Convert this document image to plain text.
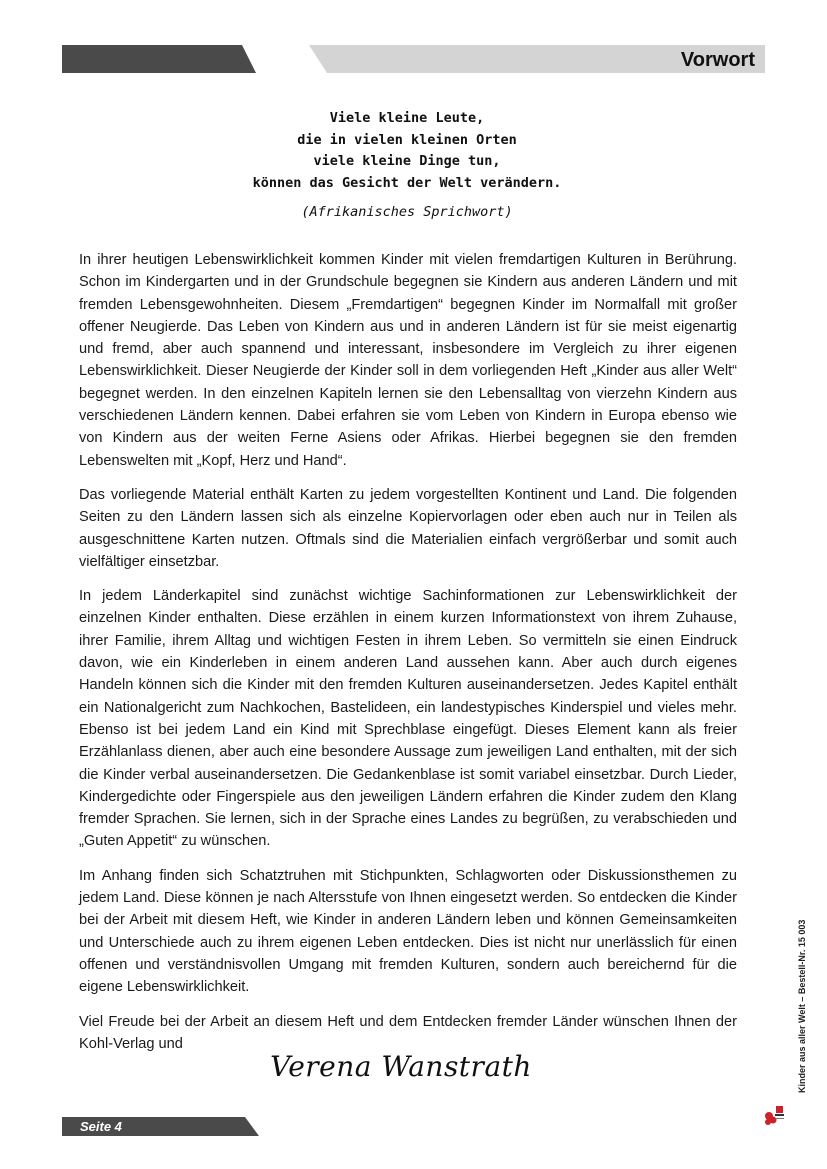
Vorwort
Viele kleine Leute,
die in vielen kleinen Orten
viele kleine Dinge tun,
können das Gesicht der Welt verändern.
(Afrikanisches Sprichwort)

In ihrer heutigen Lebenswirklichkeit kommen Kinder mit vielen fremdartigen Kulturen in Berührung. Schon im Kindergarten und in der Grundschule begegnen sie Kindern aus anderen Ländern und mit fremden Lebensgewohnheiten. Diesem „Fremdartigen“ begegnen Kinder im Normalfall mit großer offener Neugierde. Das Leben von Kindern aus und in anderen Ländern ist für sie meist eigenartig und fremd, aber auch spannend und interessant, insbesondere im Vergleich zu ihrer eigenen Lebenswirklichkeit. Dieser Neugierde der Kinder soll in dem vorliegenden Heft „Kinder aus aller Welt“ begegnet werden. In den einzelnen Kapiteln lernen sie den Lebensalltag von vierzehn Kindern aus verschiedenen Ländern kennen. Dabei erfahren sie vom Leben von Kindern in Europa ebenso wie von Kindern aus der weiten Ferne Asiens oder Afrikas. Hierbei begegnen sie den fremden Lebenswelten mit „Kopf, Herz und Hand“.

Das vorliegende Material enthält Karten zu jedem vorgestellten Kontinent und Land. Die folgenden Seiten zu den Ländern lassen sich als einzelne Kopiervorlagen oder eben auch nur in Teilen als ausgeschnittene Karten nutzen. Oftmals sind die Materialien einfach vergrößerbar und somit auch vielfältiger einsetzbar.

In jedem Länderkapitel sind zunächst wichtige Sachinformationen zur Lebenswirklichkeit der einzelnen Kinder enthalten. Diese erzählen in einem kurzen Informationstext von ihrem Zuhause, ihrer Familie, ihrem Alltag und wichtigen Festen in ihrem Leben. So vermitteln sie einen Eindruck davon, wie ein Kinderleben in einem anderen Land aussehen kann. Aber auch durch eigenes Handeln können sich die Kinder mit den fremden Kulturen auseinandersetzen. Jedes Kapitel enthält ein Nationalgericht zum Nachkochen, Bastelideen, ein landestypisches Kinderspiel und vieles mehr. Ebenso ist bei jedem Land ein Kind mit Sprechblase eingefügt. Dieses Element kann als freier Erzählanlass dienen, aber auch eine besondere Aussage zum jeweiligen Land enthalten, mit der sich die Kinder verbal auseinandersetzen. Die Gedankenblase ist somit variabel einsetzbar. Durch Lieder, Kindergedichte oder Fingerspiele aus den jeweiligen Ländern erfahren die Kinder zudem den Klang fremder Sprachen. Sie lernen, sich in der Sprache eines Landes zu begrüßen, zu verabschieden und „Guten Appetit“ zu wünschen.

Im Anhang finden sich Schatztruhen mit Stichpunkten, Schlagworten oder Diskussionsthemen zu jedem Land. Diese können je nach Altersstufe von Ihnen eingesetzt werden. So entdecken die Kinder bei der Arbeit mit diesem Heft, wie Kinder in anderen Ländern leben und können Gemeinsamkeiten und Unterschiede auch zu ihrem eigenen Leben entdecken. Dies ist nicht nur unerlässlich für einen offenen und verständnisvollen Umgang mit fremden Kulturen, sondern auch bereichernd für die eigene Lebenswirklichkeit.

Viel Freude bei der Arbeit an diesem Heft und dem Entdecken fremder Länder wünschen Ihnen der Kohl-Verlag und

Verena Wanstrath	Kinder aus aller Welt – Bestell-Nr. 15 003
Seite 4
